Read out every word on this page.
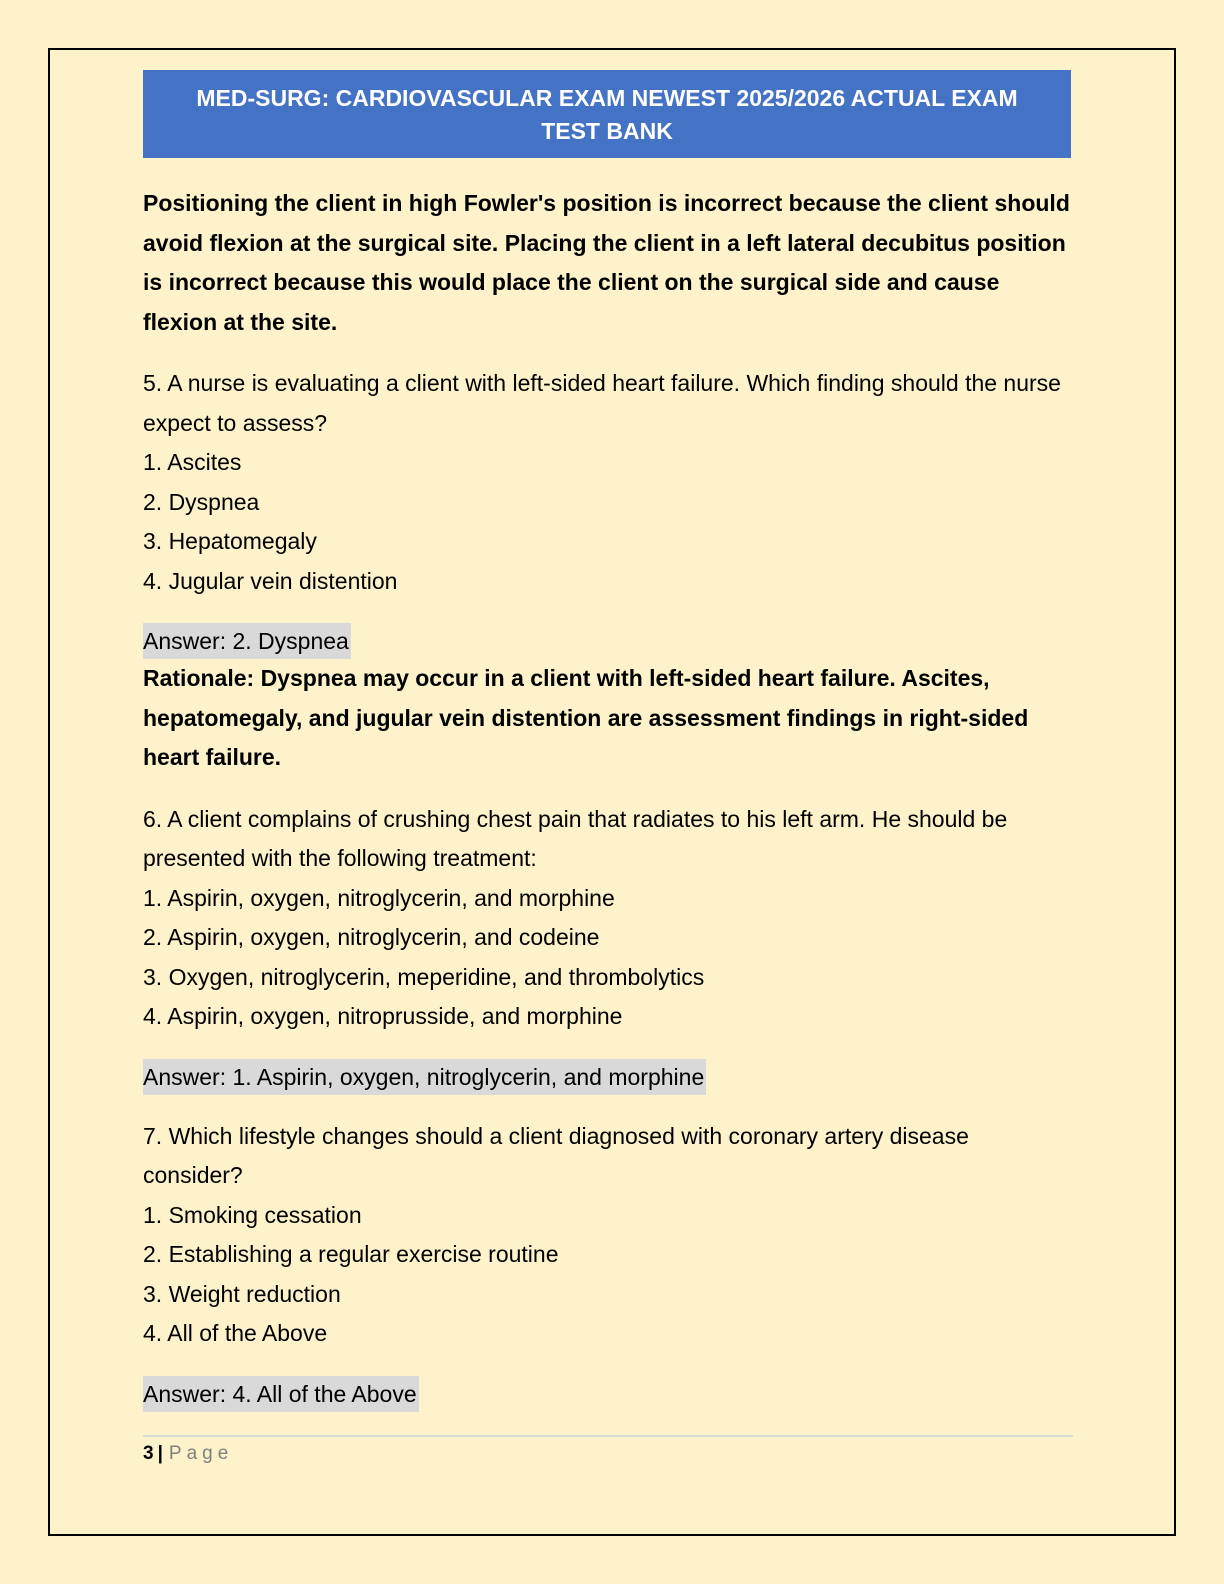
MED-SURG: CARDIOVASCULAR EXAM NEWEST 2025/2026 ACTUAL EXAM
TEST BANK

Positioning the client in high Fowler's position is incorrect because the client should avoid flexion at the surgical site. Placing the client in a left lateral decubitus position is incorrect because this would place the client on the surgical side and cause flexion at the site.

5. A nurse is evaluating a client with left-sided heart failure. Which finding should the nurse expect to assess?

1. Ascites
2. Dyspnea
3. Hepatomegaly
4. Jugular vein distention
Answer: 2. Dyspnea

Rationale: Dyspnea may occur in a client with left-sided heart failure. Ascites, hepatomegaly, and jugular vein distention are assessment findings in right-sided heart failure.

6. A client complains of crushing chest pain that radiates to his left arm. He should be presented with the following treatment:

1. Aspirin, oxygen, nitroglycerin, and morphine
2. Aspirin, oxygen, nitroglycerin, and codeine
3. Oxygen, nitroglycerin, meperidine, and thrombolytics
4. Aspirin, oxygen, nitroprusside, and morphine
Answer: 1. Aspirin, oxygen, nitroglycerin, and morphine

7. Which lifestyle changes should a client diagnosed with coronary artery disease consider?

1. Smoking cessation
2. Establishing a regular exercise routine
3. Weight reduction
4. All of the Above
Answer: 4. All of the Above
3 | Page
